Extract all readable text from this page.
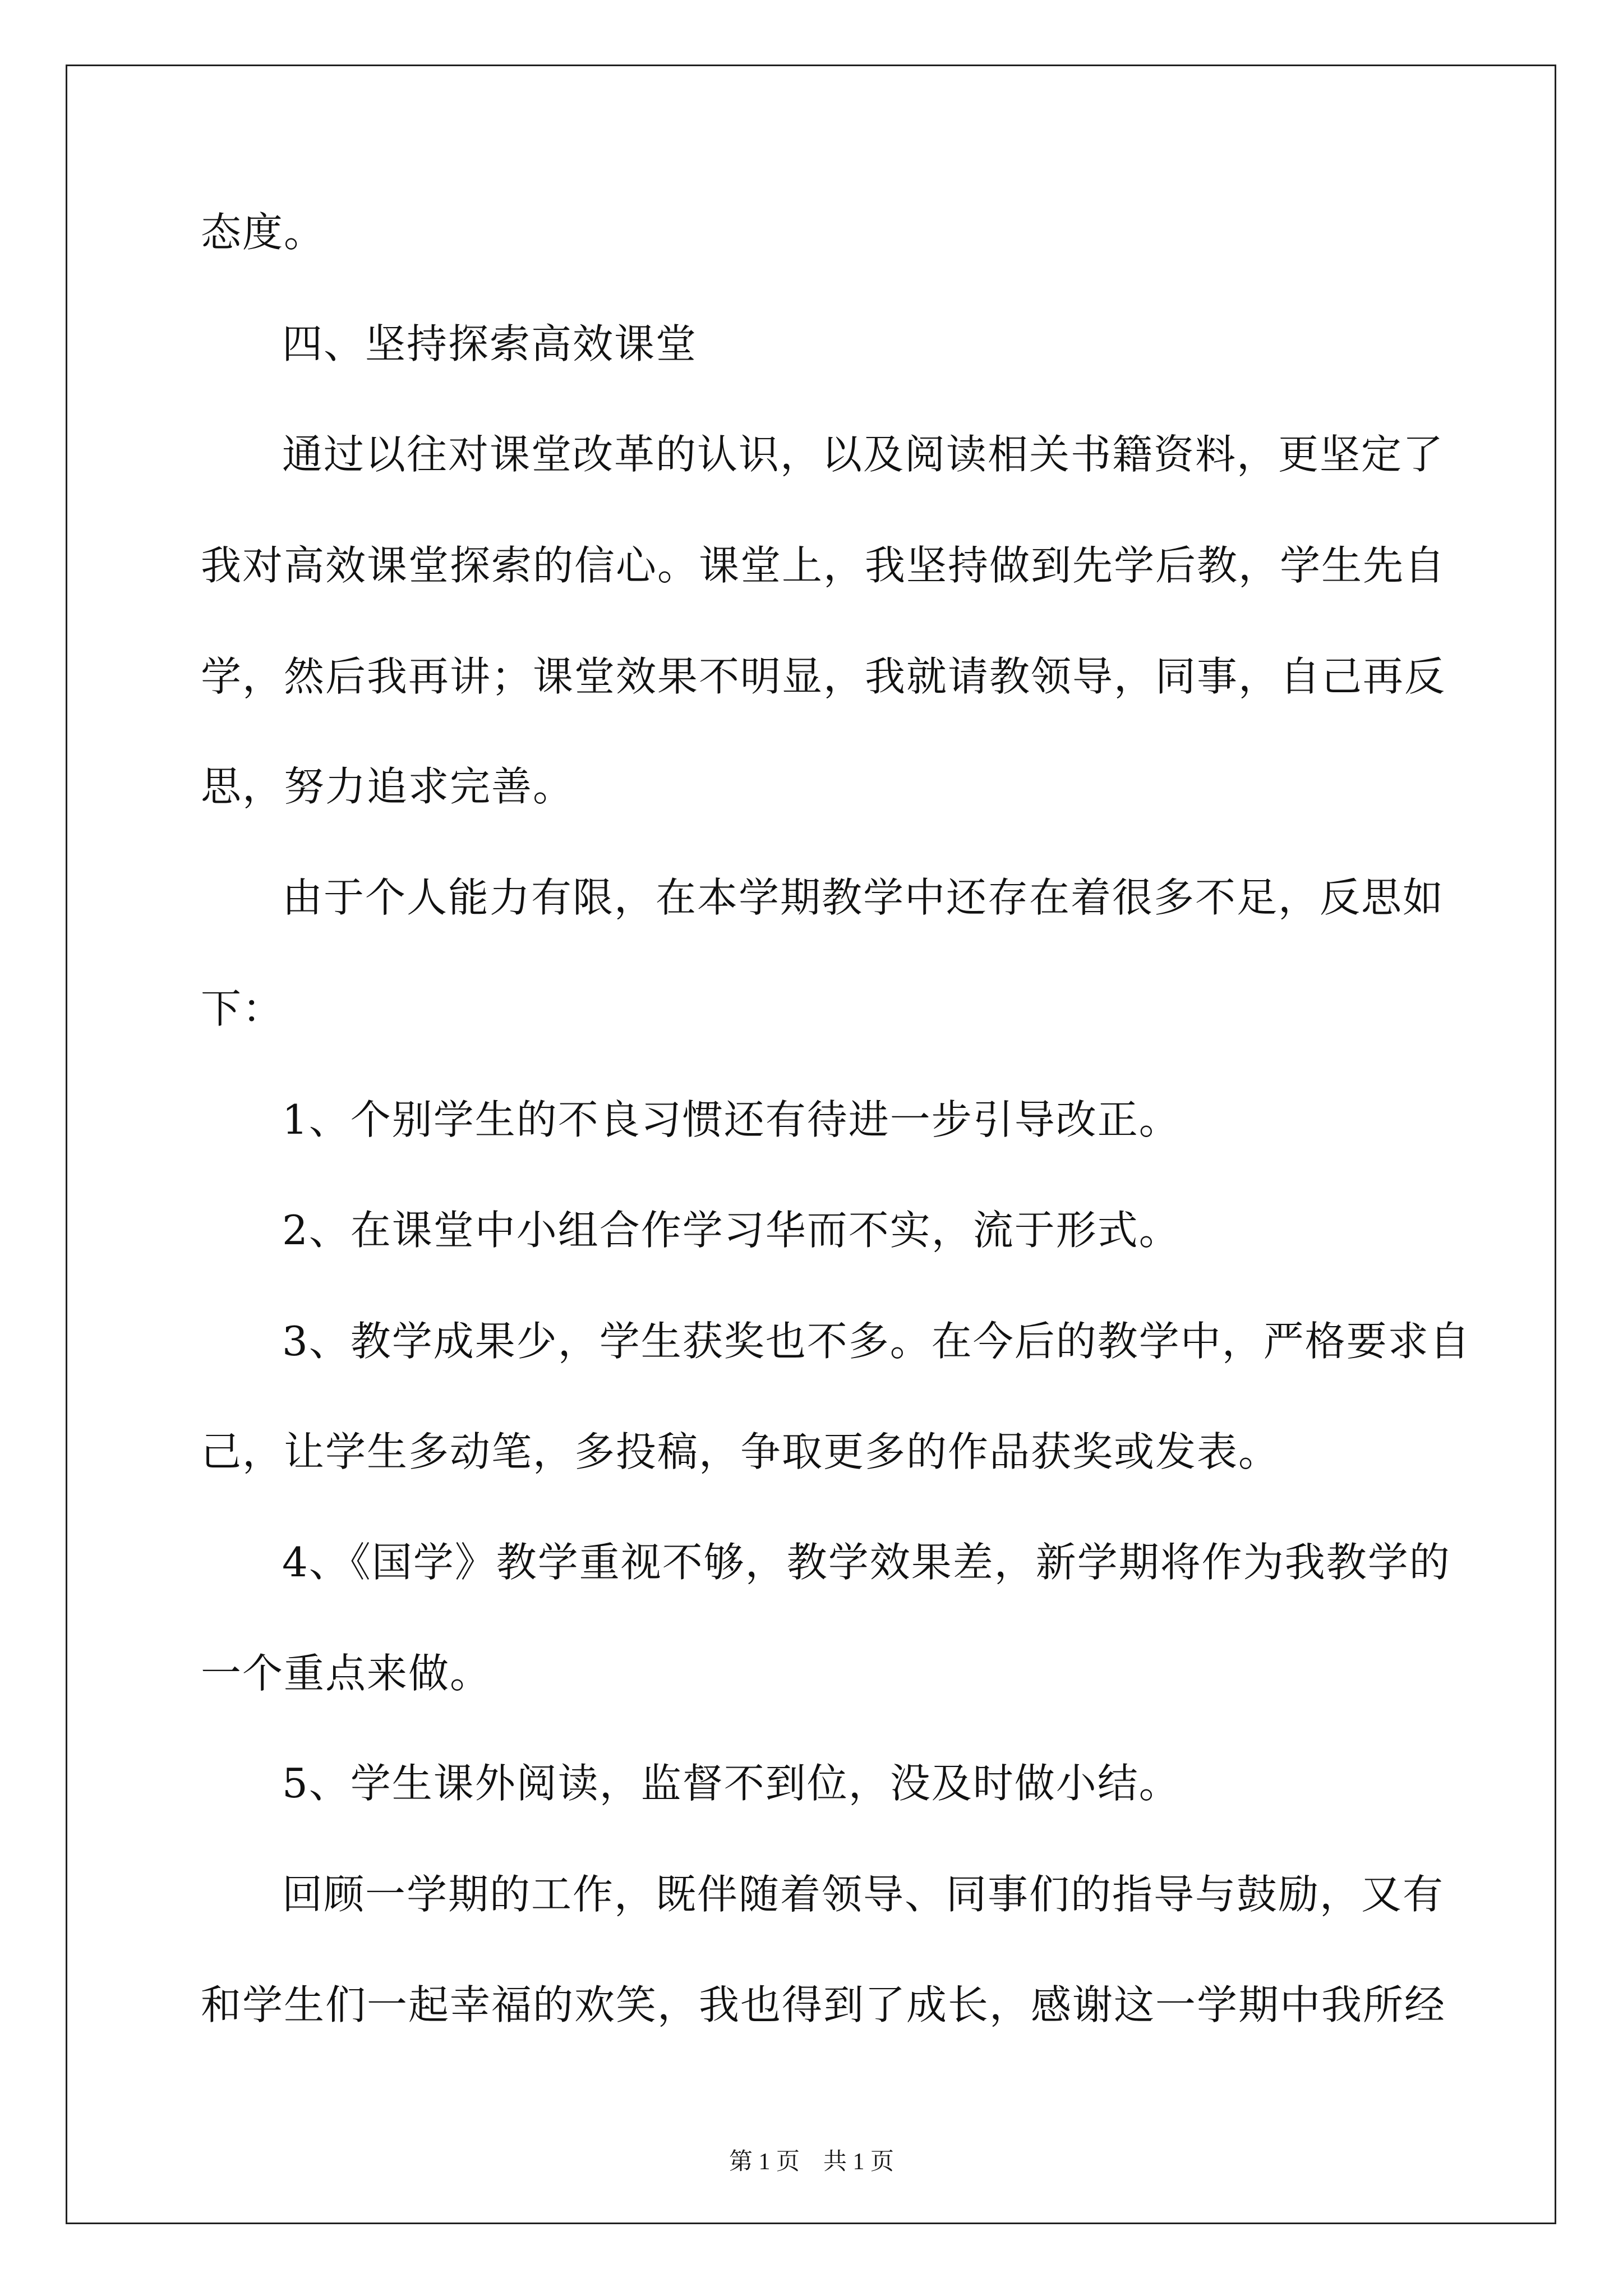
态度。
四、坚持探索高效课堂
通过以往对课堂改革的认识，以及阅读相关书籍资料，更坚定了
我对高效课堂探索的信心。课堂上，我坚持做到先学后教，学生先自
学，然后我再讲；课堂效果不明显，我就请教领导，同事，自己再反
思，努力追求完善。
由于个人能力有限，在本学期教学中还存在着很多不足，反思如
下：
1、个别学生的不良习惯还有待进一步引导改正。
2、在课堂中小组合作学习华而不实，流于形式。
3、教学成果少，学生获奖也不多。在今后的教学中，严格要求自
己，让学生多动笔，多投稿，争取更多的作品获奖或发表。
4、《国学》教学重视不够，教学效果差，新学期将作为我教学的
一个重点来做。
5、学生课外阅读，监督不到位，没及时做小结。
回顾一学期的工作，既伴随着领导、同事们的指导与鼓励，又有
和学生们一起幸福的欢笑，我也得到了成长，感谢这一学期中我所经
第 1 页　共 1 页
